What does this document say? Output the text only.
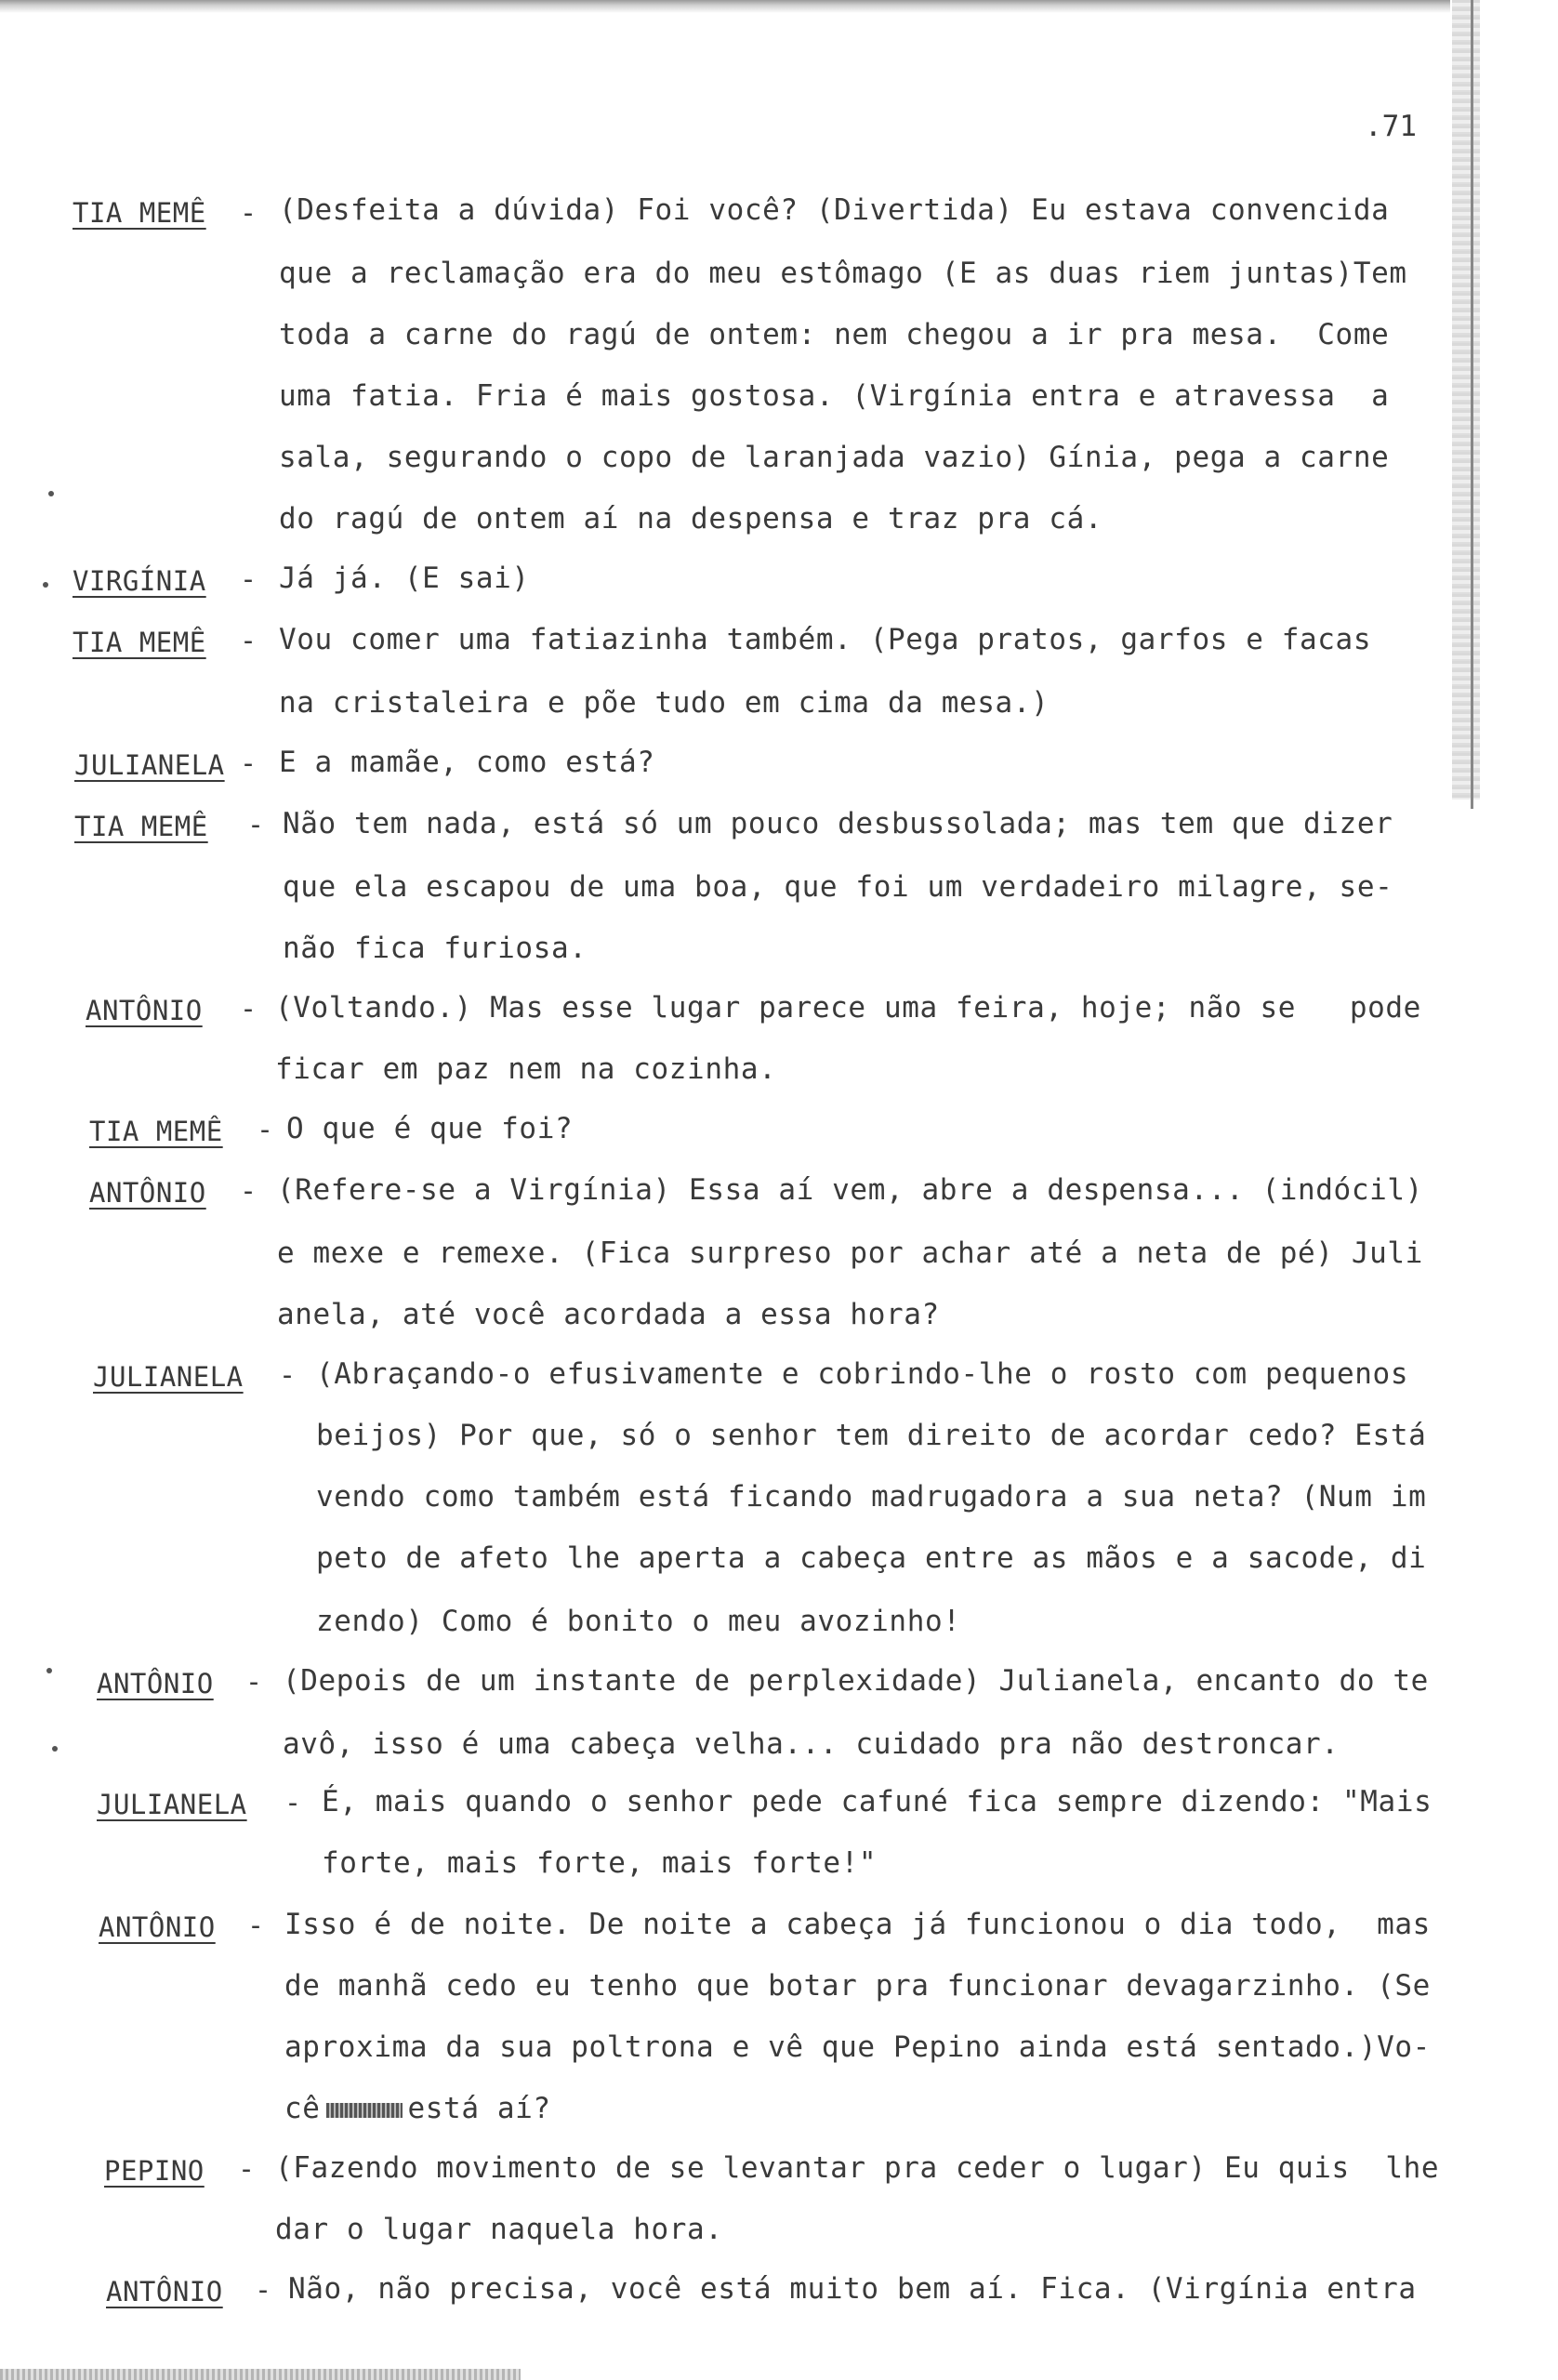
.71
TIA MEMÊ - (Desfeita a dúvida) Foi você? (Divertida) Eu estava convencida
que a reclamação era do meu estômago (E as duas riem juntas)Tem
toda a carne do ragú de ontem: nem chegou a ir pra mesa.  Come
uma fatia. Fria é mais gostosa. (Virgínia entra e atravessa  a
sala, segurando o copo de laranjada vazio) Gínia, pega a carne
do ragú de ontem aí na despensa e traz pra cá.
VIRGÍNIA - Já já. (E sai)
TIA MEMÊ - Vou comer uma fatiazinha também. (Pega pratos, garfos e facas
na cristaleira e põe tudo em cima da mesa.)
JULIANELA - E a mamãe, como está?
TIA MEMÊ - Não tem nada, está só um pouco desbussolada; mas tem que dizer
que ela escapou de uma boa, que foi um verdadeiro milagre, se-
não fica furiosa.
ANTÔNIO - (Voltando.) Mas esse lugar parece uma feira, hoje; não se   pode
ficar em paz nem na cozinha.
TIA MEMÊ - O que é que foi?
ANTÔNIO - (Refere-se a Virgínia) Essa aí vem, abre a despensa... (indócil)
e mexe e remexe. (Fica surpreso por achar até a neta de pé) Juli
anela, até você acordada a essa hora?
JULIANELA - (Abraçando-o efusivamente e cobrindo-lhe o rosto com pequenos
beijos) Por que, só o senhor tem direito de acordar cedo? Está
vendo como também está ficando madrugadora a sua neta? (Num im
peto de afeto lhe aperta a cabeça entre as mãos e a sacode, di
zendo) Como é bonito o meu avozinho!
ANTÔNIO - (Depois de um instante de perplexidade) Julianela, encanto do te
avô, isso é uma cabeça velha... cuidado pra não destroncar.
JULIANELA - É, mais quando o senhor pede cafuné fica sempre dizendo: "Mais
forte, mais forte, mais forte!"
ANTÔNIO - Isso é de noite. De noite a cabeça já funcionou o dia todo,  mas
de manhã cedo eu tenho que botar pra funcionar devagarzinho. (Se
aproxima da sua poltrona e vê que Pepino ainda está sentado.)Vo-
cê	está aí?
PEPINO - (Fazendo movimento de se levantar pra ceder o lugar) Eu quis  lhe
dar o lugar naquela hora.
ANTÔNIO - Não, não precisa, você está muito bem aí. Fica. (Virgínia entra
